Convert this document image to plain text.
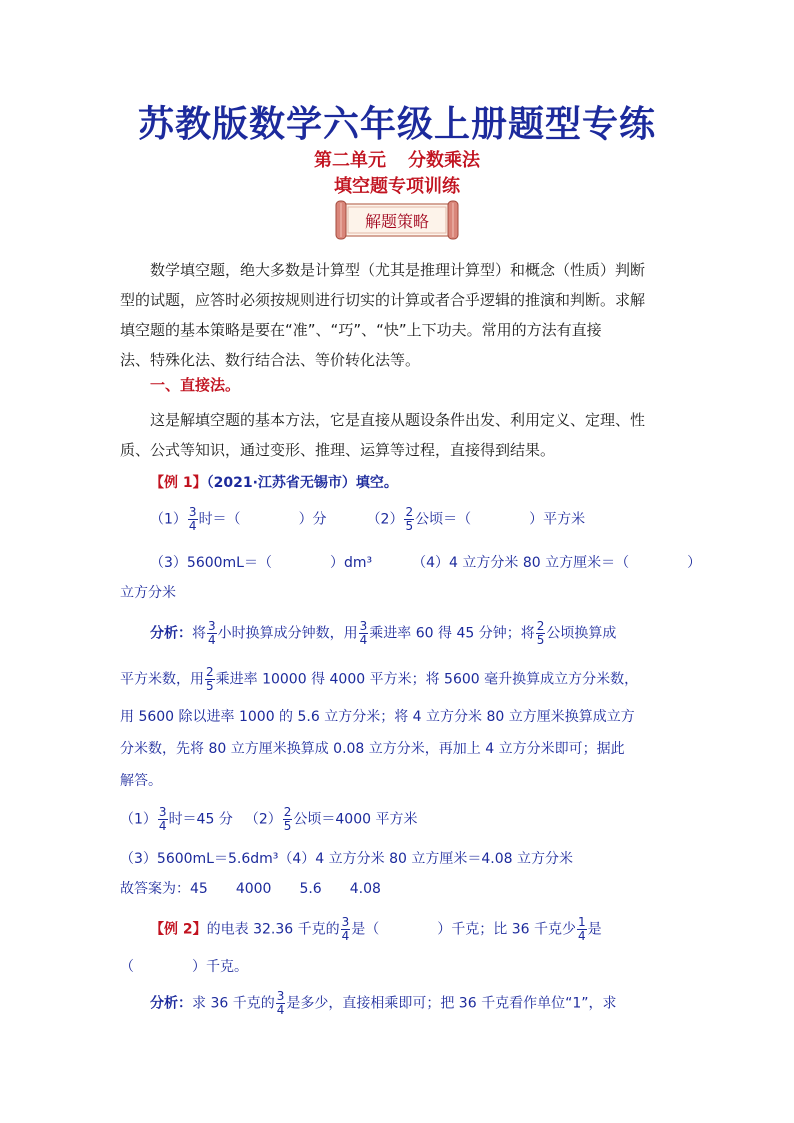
苏教版数学六年级上册题型专练
第二单元 分数乘法
填空题专项训练
解题策略
数学填空题，绝大多数是计算型（尤其是推理计算型）和概念（性质）判断
型的试题，应答时必须按规则进行切实的计算或者合乎逻辑的推演和判断。求解
填空题的基本策略是要在“准”、“巧”、“快”上下功夫。常用的方法有直接
法、特殊化法、数行结合法、等价转化法等。
一、直接法。
这是解填空题的基本方法，它是直接从题设条件出发、利用定义、定理、性
质、公式等知识，通过变形、推理、运算等过程，直接得到结果。
【例 1】（2021·江苏省无锡市）填空。
$(1) \frac{3}{4}$ 时＝（	）分	$(2) \frac{2}{5}$ 公顷＝（	）平方米
（3）5600mL＝（	）dm³	（4）4 立方分米 80 立方厘米＝（	）
立方分米
分析：将 $\frac{3}{4}$ 小时换算成分钟数，用 $\frac{3}{4}$ 乘进率 60 得 45 分钟；将 $\frac{2}{5}$ 公顷换算成
平方米数，用 $\frac{2}{5}$ 乘进率 10000 得 4000 平方米；将 5600 毫升换算成立方分米数，
用 5600 除以进率 1000 的 5.6 立方分米；将 4 立方分米 80 立方厘米换算成立方
分米数，先将 80 立方厘米换算成 0.08 立方分米，再加上 4 立方分米即可；据此
解答。
$(1) \frac{3}{4}$ 时＝45 分 $(2) \frac{2}{5}$ 公顷＝4000 平方米
（3）5600mL＝5.6dm³（4）4 立方分米 80 立方厘米＝4.08 立方分米
故答案为：45　　4000　　5.6　　4.08
【例 2】的电表 32.36 千克的 $\frac{3}{4}$ 是（	）千克；比 36 千克少 $\frac{1}{4}$ 是
（	）千克。
分析：求 36 千克的 $\frac{3}{4}$ 是多少，直接相乘即可；把 36 千克看作单位“1”，求
